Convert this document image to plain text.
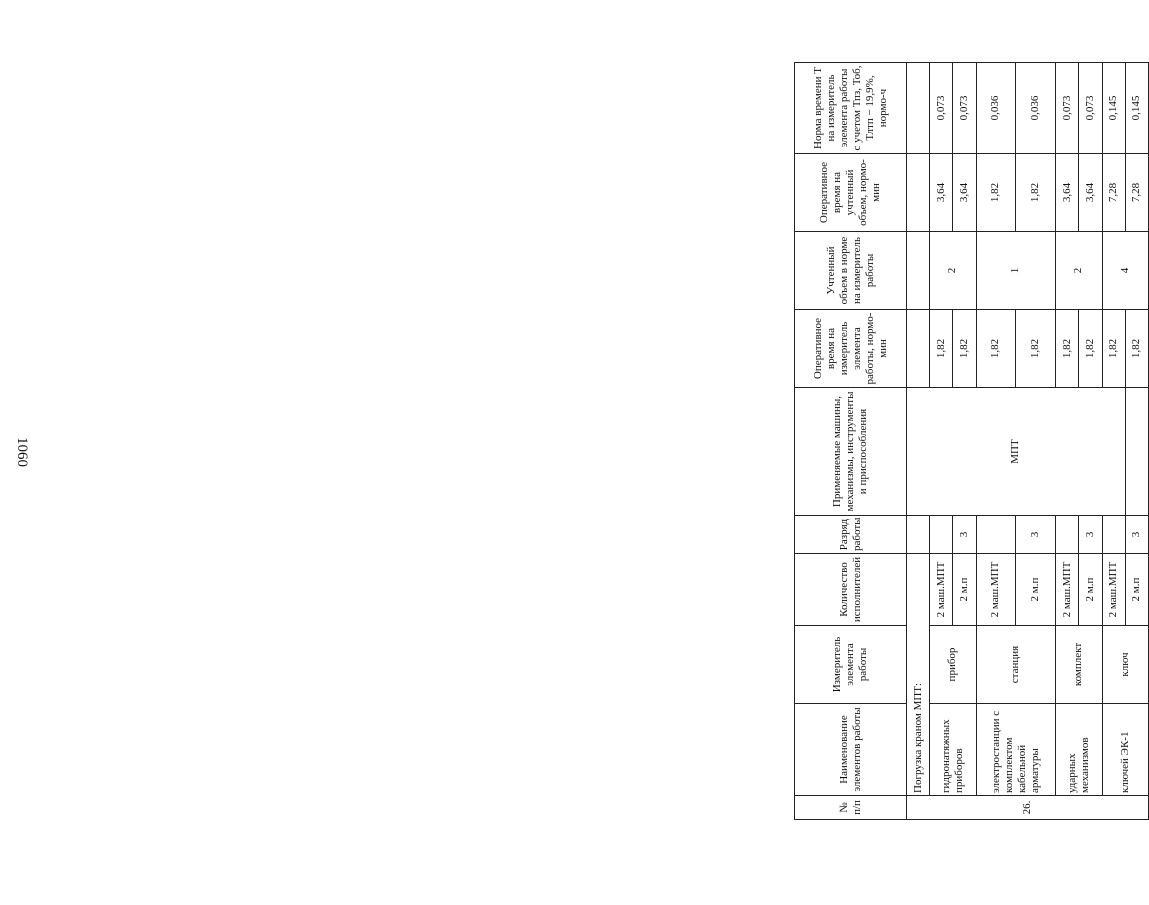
1060
№ п/п	Наименование элементов работы	Измеритель элемента работы	Количество исполнителей	Разряд работы	Применяемые машины, механизмы, инструменты и приспособления	Оперативное время на измеритель элемента работы, нормо-мин	Учтенный объем в норме на измеритель работы	Оперативное время на учтенный объем, нормо-мин	Норма времени Т на измеритель элемента работы с учетом Тпз, Тоб, Тлтп − 19,9%, нормо-ч
26.	Погрузка краном МПТ:				МПТ				
	гидронатяжных приборов	прибор	2 маш.МПТ			1,82	2	3,64	0,073
			2 м.п	3		1,82		3,64	0,073
	электростанции с комплектом кабельной арматуры	станция	2 маш.МПТ			1,82	1	1,82	0,036
			2 м.п	3		1,82		1,82	0,036
	ударных механизмов	комплект	2 маш.МПТ			1,82	2	3,64	0,073
			2 м.п	3		1,82		3,64	0,073
	ключей ЭК-1	ключ	2 маш.МПТ			1,82	4	7,28	0,145
			2 м.п	3		1,82		7,28	0,145
